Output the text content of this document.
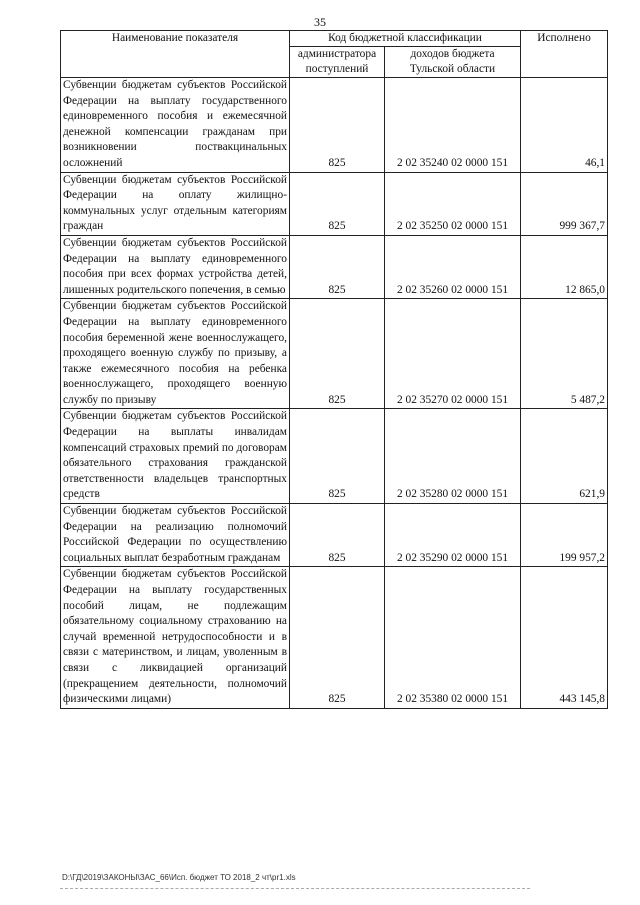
35
Наименование показателя	Код бюджетной классификации		Исполнено
	администратора поступлений	доходов бюджета Тульской области	
Субвенции бюджетам субъектов Российской Федерации на выплату государственного единовременного пособия и ежемесячной денежной компенсации гражданам при возникновении поствакцинальных осложнений	825	2 02 35240 02 0000 151	46,1
Субвенции бюджетам субъектов Российской Федерации на оплату жилищно-коммунальных услуг отдельным категориям граждан	825	2 02 35250 02 0000 151	999 367,7
Субвенции бюджетам субъектов Российской Федерации на выплату единовременного пособия при всех формах устройства детей, лишенных родительского попечения, в семью	825	2 02 35260 02 0000 151	12 865,0
Субвенции бюджетам субъектов Российской Федерации на выплату единовременного пособия беременной жене военнослужащего, проходящего военную службу по призыву, а также ежемесячного пособия на ребенка военнослужащего, проходящего военную службу по призыву	825	2 02 35270 02 0000 151	5 487,2
Субвенции бюджетам субъектов Российской Федерации на выплаты инвалидам компенсаций страховых премий по договорам обязательного страхования гражданской ответственности владельцев транспортных средств	825	2 02 35280 02 0000 151	621,9
Субвенции бюджетам субъектов Российской Федерации на реализацию полномочий Российской Федерации по осуществлению социальных выплат безработным гражданам	825	2 02 35290 02 0000 151	199 957,2
Субвенции бюджетам субъектов Российской Федерации на выплату государственных пособий лицам, не подлежащим обязательному социальному страхованию на случай временной нетрудоспособности и в связи с материнством, и лицам, уволенным в связи с ликвидацией организаций (прекращением деятельности, полномочий физическими лицами)	825	2 02 35380 02 0000 151	443 145,8
D:\ГД\2019\ЗАКОНЫ\ЗАС_66\Исп. бюджет ТО 2018_2 чт\pr1.xls
